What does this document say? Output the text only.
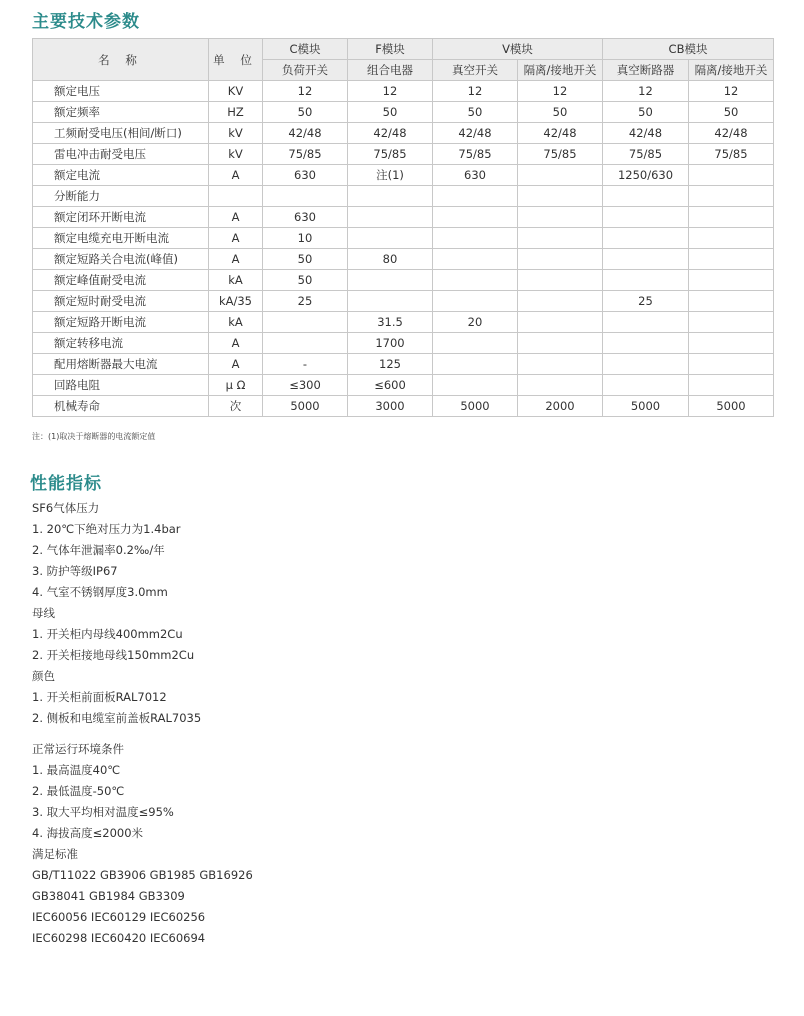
主要技术参数
名 称	单 位	C模块	F模块	V模块		CB模块	
		负荷开关	组合电器	真空开关	隔离/接地开关	真空断路器	隔离/接地开关
额定电压	KV	12	12	12	12	12	12
额定频率	HZ	50	50	50	50	50	50
工频耐受电压(相间/断口)	kV	42/48	42/48	42/48	42/48	42/48	42/48
雷电冲击耐受电压	kV	75/85	75/85	75/85	75/85	75/85	75/85
额定电流	A	630	注(1)	630		1250/630	
分断能力							
额定闭环开断电流	A	630					
额定电缆充电开断电流	A	10					
额定短路关合电流(峰值)	A	50	80				
额定峰值耐受电流	kA	50					
额定短时耐受电流	kA/35	25				25	
额定短路开断电流	kA		31.5	20			
额定转移电流	A		1700				
配用熔断器最大电流	A	-	125				
回路电阻	μ Ω	≤300	≤600				
机械寿命	次	5000	3000	5000	2000	5000	5000
注：(1)取决于熔断器的电流额定值
性能指标
SF6气体压力
1. 20℃下绝对压力为1.4bar
2. 气体年泄漏率0.2‰/年
3. 防护等级IP67
4. 气室不锈钢厚度3.0mm
母线
1. 开关柜内母线400mm2Cu
2. 开关柜接地母线150mm2Cu
颜色
1. 开关柜前面板RAL7012
2. 侧板和电缆室前盖板RAL7035
正常运行环境条件
1. 最高温度40℃
2. 最低温度-50℃
3. 取大平均相对温度≤95%
4. 海拔高度≤2000米
满足标准
GB/T11022 GB3906 GB1985 GB16926
GB38041 GB1984 GB3309
IEC60056 IEC60129 IEC60256
IEC60298 IEC60420 IEC60694
